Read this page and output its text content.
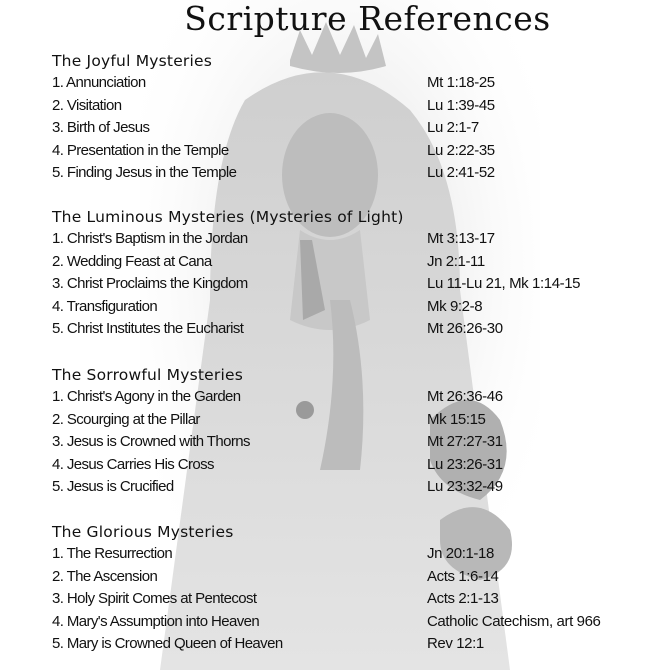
Scripture References
The Joyful Mysteries
1. Annunciation	Mt 1:18-25
2. Visitation	Lu 1:39-45
3. Birth of Jesus	Lu 2:1-7
4. Presentation in the Temple	Lu 2:22-35
5. Finding Jesus in the Temple	Lu 2:41-52
The Luminous Mysteries (Mysteries of Light)
1. Christ's Baptism in the Jordan	Mt 3:13-17
2. Wedding Feast at Cana	Jn 2:1-11
3. Christ Proclaims the Kingdom	Lu 11-Lu 21, Mk 1:14-15
4. Transfiguration	Mk 9:2-8
5. Christ Institutes the Eucharist	Mt 26:26-30
The Sorrowful Mysteries
1. Christ's Agony in the Garden	Mt 26:36-46
2. Scourging at the Pillar	Mk 15:15
3. Jesus is Crowned with Thorns	Mt 27:27-31
4. Jesus Carries His Cross	Lu 23:26-31
5. Jesus is Crucified	Lu 23:32-49
The Glorious Mysteries
1. The Resurrection	Jn 20:1-18
2. The Ascension	Acts 1:6-14
3. Holy Spirit Comes at Pentecost	Acts 2:1-13
4. Mary's Assumption into Heaven	Catholic Catechism, art 966
5. Mary is Crowned Queen of Heaven	Rev 12:1
